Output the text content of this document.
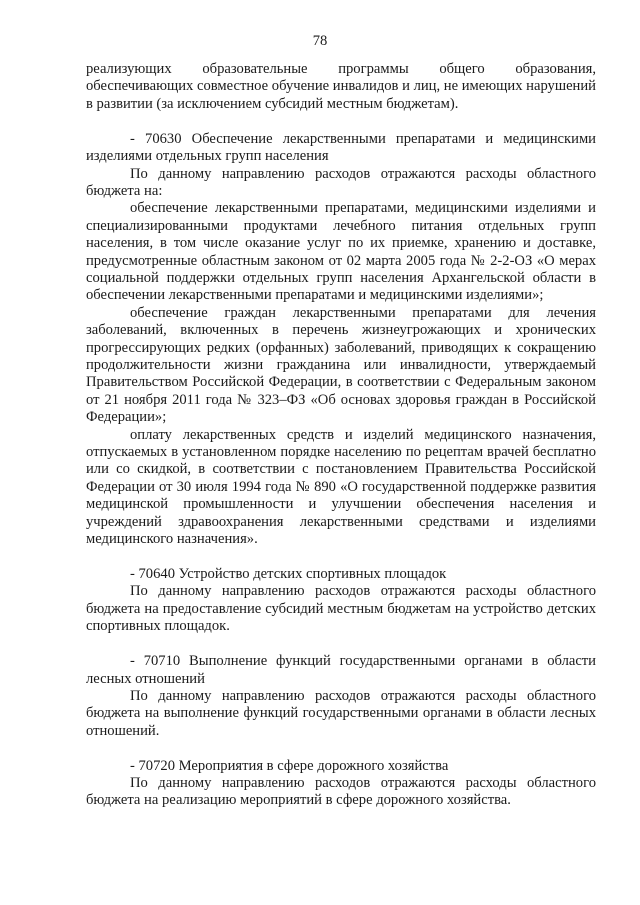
78

реализующих образовательные программы общего образования, обеспечивающих совместное обучение инвалидов и лиц, не имеющих нарушений в развитии (за исключением субсидий местным бюджетам).

- 70630 Обеспечение лекарственными препаратами и медицинскими изделиями отдельных групп населения

По данному направлению расходов отражаются расходы областного бюджета на:

обеспечение лекарственными препаратами, медицинскими изделиями и специализированными продуктами лечебного питания отдельных групп населения, в том числе оказание услуг по их приемке, хранению и доставке, предусмотренные областным законом от 02 марта 2005 года № 2-2-ОЗ «О мерах социальной поддержки отдельных групп населения Архангельской области в обеспечении лекарственными препаратами и медицинскими изделиями»;

обеспечение граждан лекарственными препаратами для лечения заболеваний, включенных в перечень жизнеугрожающих и хронических прогрессирующих редких (орфанных) заболеваний, приводящих к сокращению продолжительности жизни гражданина или инвалидности, утверждаемый Правительством Российской Федерации, в соответствии с Федеральным законом от 21 ноября 2011 года № 323–ФЗ «Об основах здоровья граждан в Российской Федерации»;

оплату лекарственных средств и изделий медицинского назначения, отпускаемых в установленном порядке населению по рецептам врачей бесплатно или со скидкой, в соответствии с постановлением Правительства Российской Федерации от 30 июля 1994 года № 890 «О государственной поддержке развития медицинской промышленности и улучшении обеспечения населения и учреждений здравоохранения лекарственными средствами и изделиями медицинского назначения».

- 70640 Устройство детских спортивных площадок

По данному направлению расходов отражаются расходы областного бюджета на предоставление субсидий местным бюджетам на устройство детских спортивных площадок.

- 70710 Выполнение функций государственными органами в области лесных отношений

По данному направлению расходов отражаются расходы областного бюджета на выполнение функций государственными органами в области лесных отношений.

- 70720 Мероприятия в сфере дорожного хозяйства

По данному направлению расходов отражаются расходы областного бюджета на реализацию мероприятий в сфере дорожного хозяйства.
